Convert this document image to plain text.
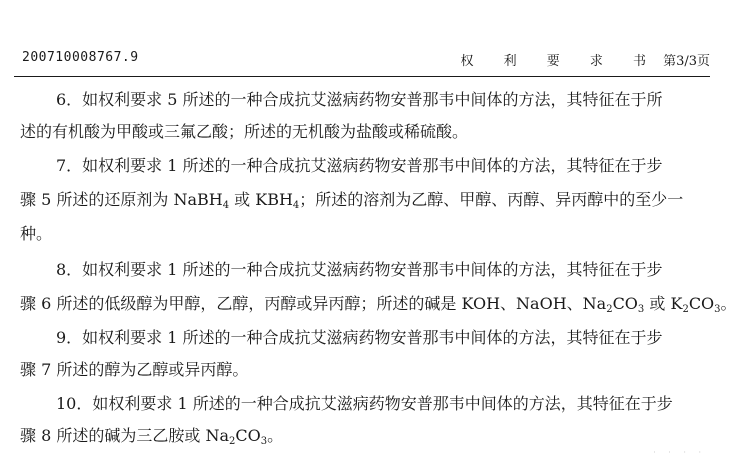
200710008767.9	权 利 要 求 书 第3/3页

6．如权利要求 5 所述的一种合成抗艾滋病药物安普那韦中间体的方法，其特征在于所

述的有机酸为甲酸或三氟乙酸；所述的无机酸为盐酸或稀硫酸。

7．如权利要求 1 所述的一种合成抗艾滋病药物安普那韦中间体的方法，其特征在于步

骤 5 所述的还原剂为 NaBH$_4$ 或 $KBH_4$；所述的溶剂为乙醇、甲醇、丙醇、异丙醇中的至少一

种。

8．如权利要求 1 所述的一种合成抗艾滋病药物安普那韦中间体的方法，其特征在于步

骤 6 所述的低级醇为甲醇，乙醇，丙醇或异丙醇；所述的碱是 KOH、NaOH、$Na_2CO_3$ 或 $K_2CO_3$。

9．如权利要求 1 所述的一种合成抗艾滋病药物安普那韦中间体的方法，其特征在于步

骤 7 所述的醇为乙醇或异丙醇。

10．如权利要求 1 所述的一种合成抗艾滋病药物安普那韦中间体的方法，其特征在于步

骤 8 所述的碱为三乙胺或 $Na_2CO_3$。

· · · ·
